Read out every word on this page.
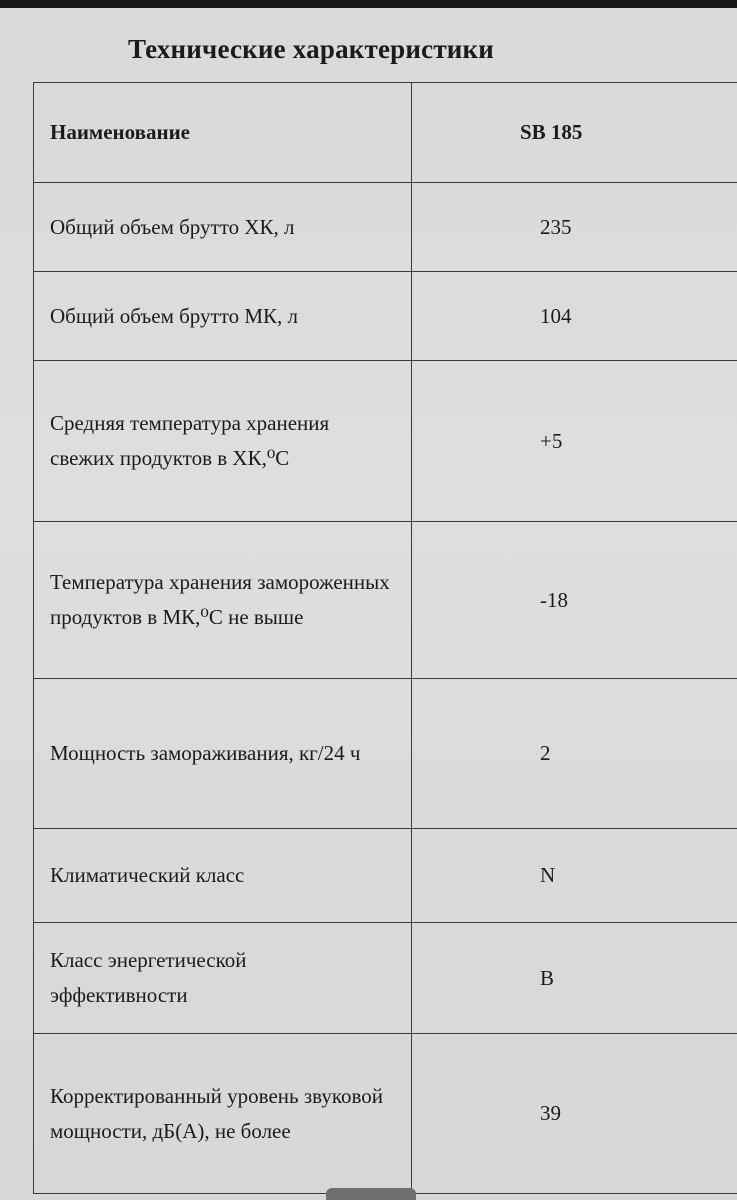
Технические характеристики
Наименование	SB 185
Общий объем брутто ХК, л	235
Общий объем брутто МК, л	104
Средняя температура хранения свежих продуктов в ХК,⁰С	+5
Температура хранения замороженных продуктов в МК,⁰С не выше	-18
Мощность замораживания, кг/24 ч	2
Климатический класс	N
Класс энергетической эффективности	B
Корректированный уровень звуковой мощности, дБ(А), не более	39
